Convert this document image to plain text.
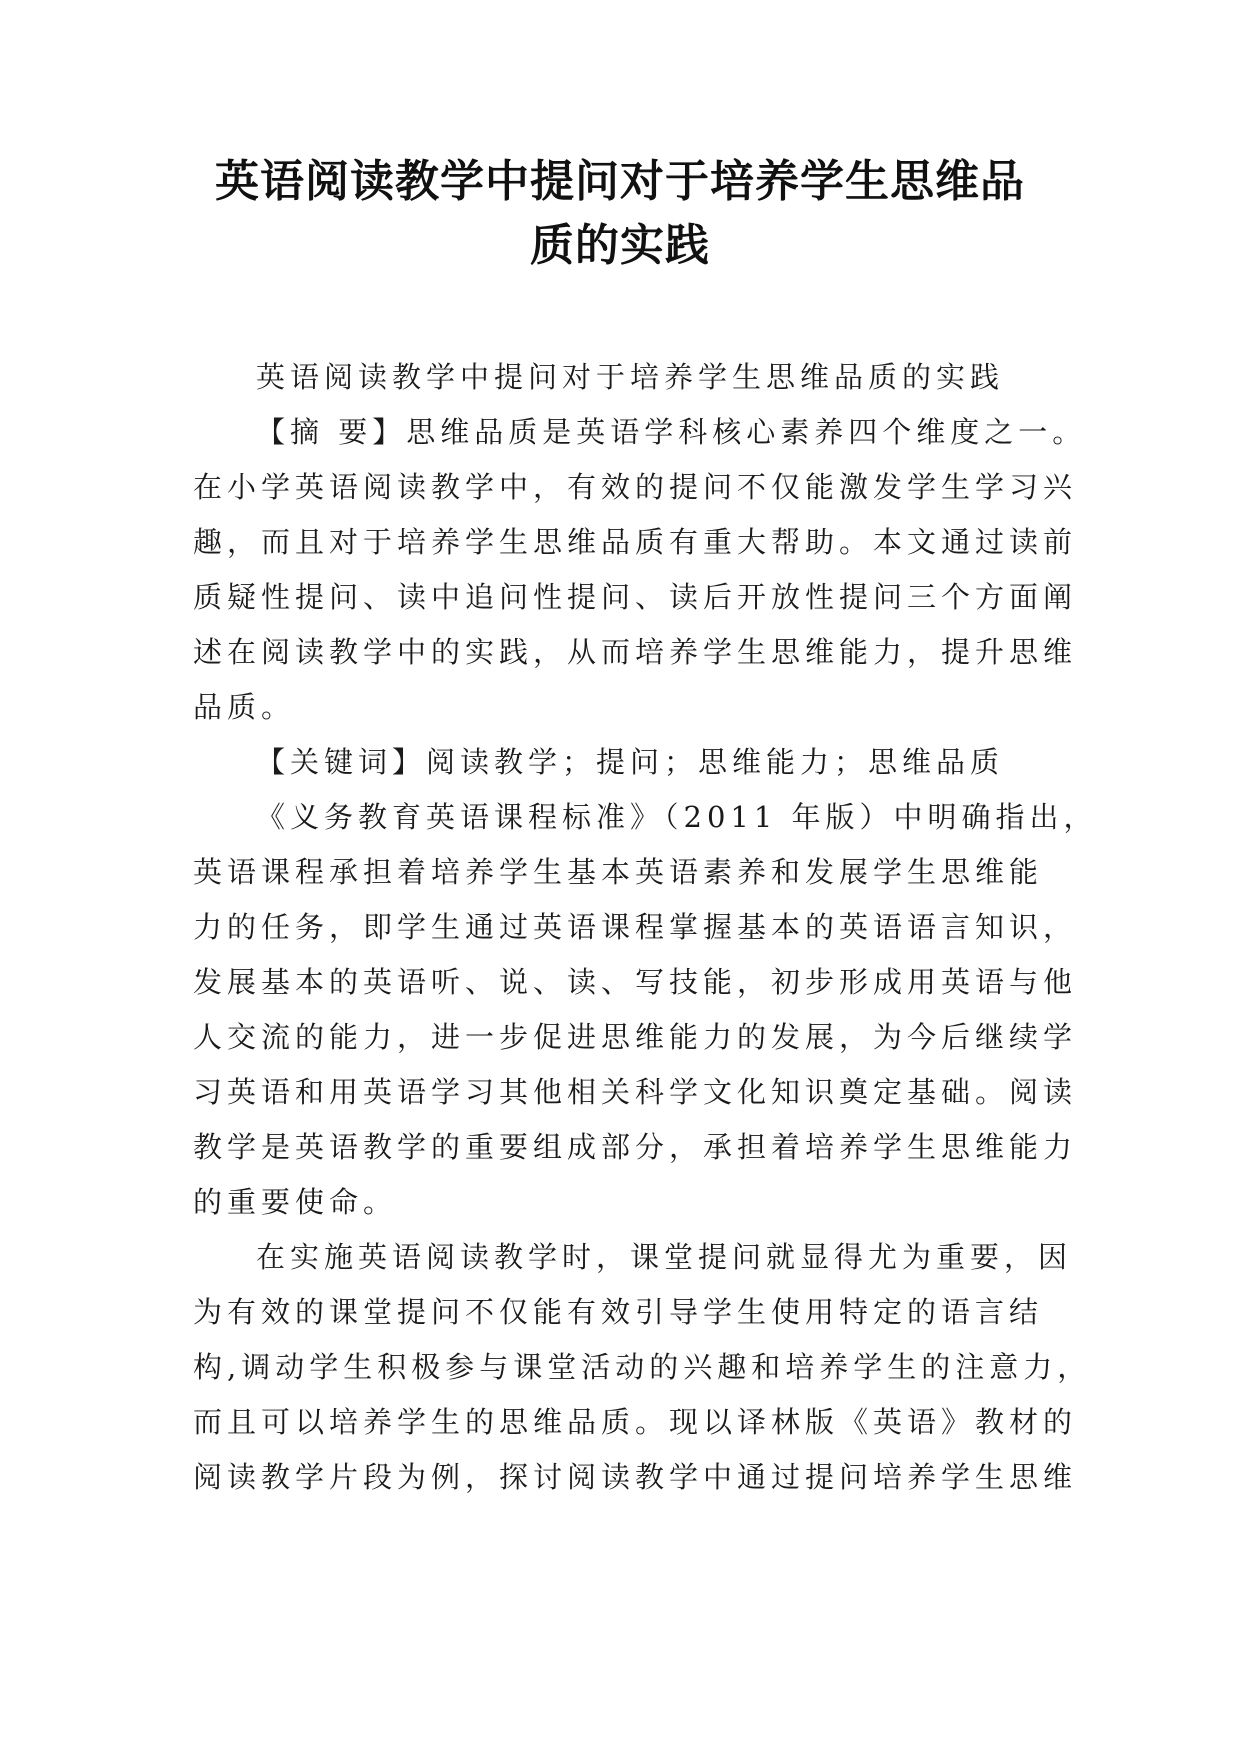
英语阅读教学中提问对于培养学生思维品
质的实践
英语阅读教学中提问对于培养学生思维品质的实践
【摘 要】思维品质是英语学科核心素养四个维度之一。
在小学英语阅读教学中，有效的提问不仅能激发学生学习兴
趣，而且对于培养学生思维品质有重大帮助。本文通过读前
质疑性提问、读中追问性提问、读后开放性提问三个方面阐
述在阅读教学中的实践，从而培养学生思维能力，提升思维
品质。
【关键词】阅读教学；提问；思维能力；思维品质
《义务教育英语课程标准》（2011 年版）中明确指出，
英语课程承担着培养学生基本英语素养和发展学生思维能
力的任务，即学生通过英语课程掌握基本的英语语言知识，
发展基本的英语听、说、读、写技能，初步形成用英语与他
人交流的能力，进一步促进思维能力的发展，为今后继续学
习英语和用英语学习其他相关科学文化知识奠定基础。阅读
教学是英语教学的重要组成部分，承担着培养学生思维能力
的重要使命。
在实施英语阅读教学时，课堂提问就显得尤为重要，因
为有效的课堂提问不仅能有效引导学生使用特定的语言结
构,调动学生积极参与课堂活动的兴趣和培养学生的注意力，
而且可以培养学生的思维品质。现以译林版《英语》教材的
阅读教学片段为例，探讨阅读教学中通过提问培养学生思维
